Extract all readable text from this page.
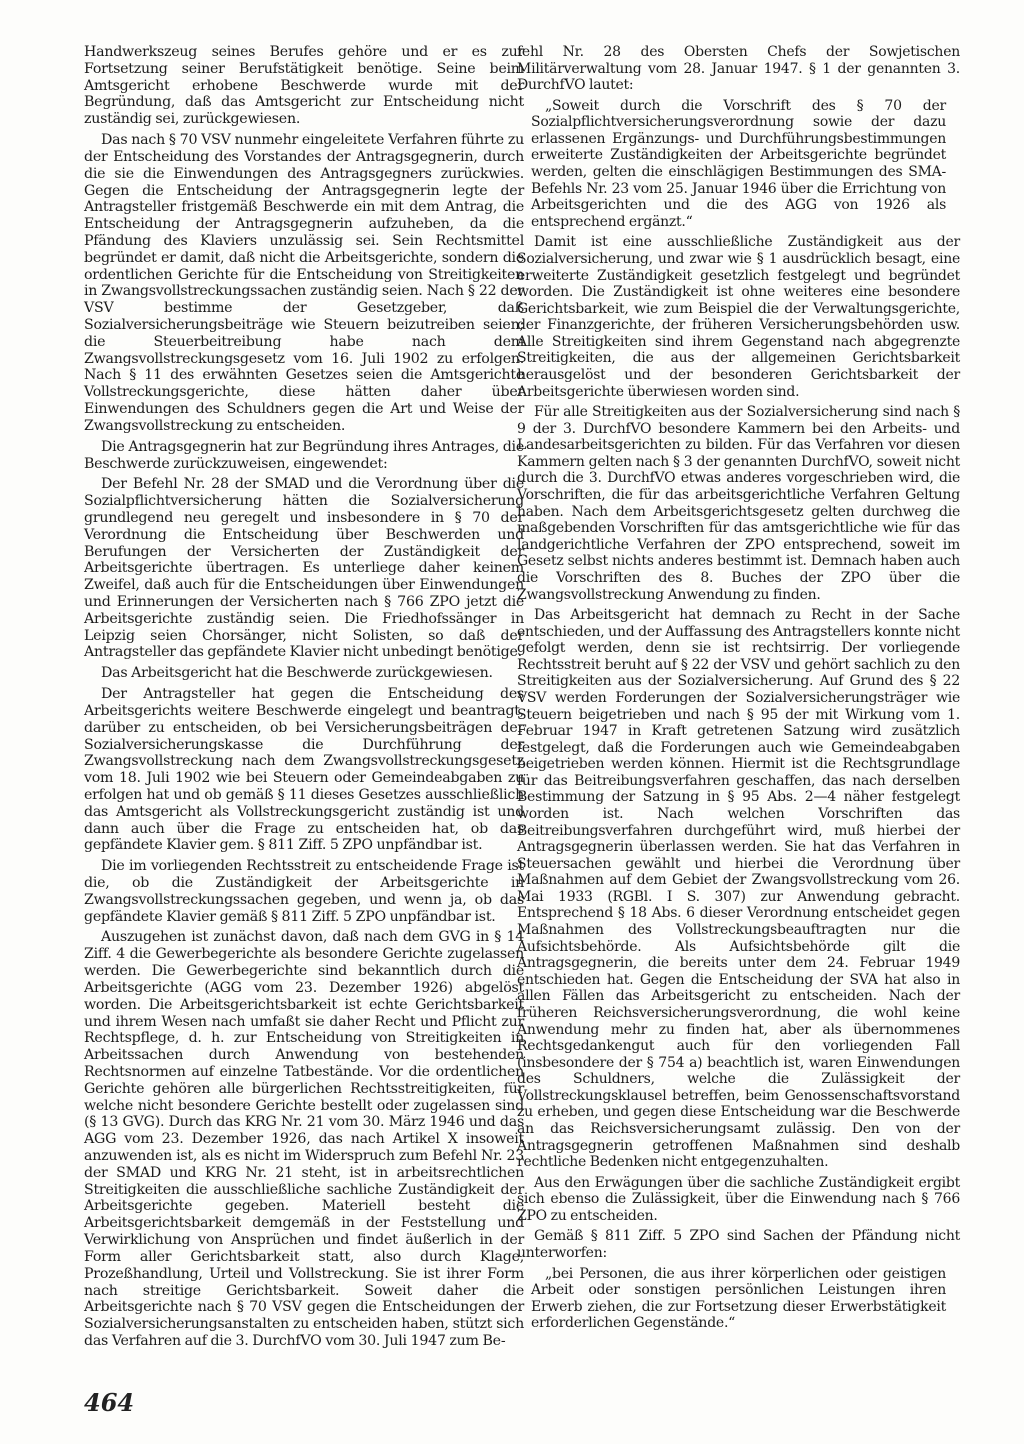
Handwerkszeug seines Berufes gehöre und er es zur Fortsetzung seiner Berufstätigkeit benötige. Seine beim Amtsgericht erhobene Beschwerde wurde mit der Begründung, daß das Amtsgericht zur Entscheidung nicht zuständig sei, zurückgewiesen.

Das nach § 70 VSV nunmehr eingeleitete Verfahren führte zu der Entscheidung des Vorstandes der Antragsgegnerin, durch die sie die Einwendungen des Antragsgegners zurückwies. Gegen die Entscheidung der Antragsgegnerin legte der Antragsteller fristgemäß Beschwerde ein mit dem Antrag, die Entscheidung der Antragsgegnerin aufzuheben, da die Pfändung des Klaviers unzulässig sei. Sein Rechtsmittel begründet er damit, daß nicht die Arbeitsgerichte, sondern die ordentlichen Gerichte für die Entscheidung von Streitigkeiten in Zwangsvollstreckungssachen zuständig seien. Nach § 22 der VSV bestimme der Gesetzgeber, daß Sozialversicherungsbeiträge wie Steuern beizutreiben seien; die Steuerbeitreibung habe nach dem Zwangsvollstreckungsgesetz vom 16. Juli 1902 zu erfolgen. Nach § 11 des erwähnten Gesetzes seien die Amtsgerichte Vollstreckungsgerichte, diese hätten daher über Einwendungen des Schuldners gegen die Art und Weise der Zwangsvollstreckung zu entscheiden.

Die Antragsgegnerin hat zur Begründung ihres Antrages, die Beschwerde zurückzuweisen, eingewendet:

Der Befehl Nr. 28 der SMAD und die Verordnung über die Sozialpflichtversicherung hätten die Sozialversicherung grundlegend neu geregelt und insbesondere in § 70 der Verordnung die Entscheidung über Beschwerden und Berufungen der Versicherten der Zuständigkeit der Arbeitsgerichte übertragen. Es unterliege daher keinem Zweifel, daß auch für die Entscheidungen über Einwendungen und Erinnerungen der Versicherten nach § 766 ZPO jetzt die Arbeitsgerichte zuständig seien. Die Friedhofssänger in Leipzig seien Chorsänger, nicht Solisten, so daß der Antragsteller das gepfändete Klavier nicht unbedingt benötige.

Das Arbeitsgericht hat die Beschwerde zurückgewiesen.

Der Antragsteller hat gegen die Entscheidung des Arbeitsgerichts weitere Beschwerde eingelegt und beantragt, darüber zu entscheiden, ob bei Versicherungsbeiträgen der Sozialversicherungskasse die Durchführung der Zwangsvollstreckung nach dem Zwangsvollstreckungsgesetz vom 18. Juli 1902 wie bei Steuern oder Gemeindeabgaben zu erfolgen hat und ob gemäß § 11 dieses Gesetzes ausschließlich das Amtsgericht als Vollstreckungsgericht zuständig ist und dann auch über die Frage zu entscheiden hat, ob das gepfändete Klavier gem. § 811 Ziff. 5 ZPO unpfändbar ist.

Die im vorliegenden Rechtsstreit zu entscheidende Frage ist die, ob die Zuständigkeit der Arbeitsgerichte in Zwangsvollstreckungssachen gegeben, und wenn ja, ob das gepfändete Klavier gemäß § 811 Ziff. 5 ZPO unpfändbar ist.

Auszugehen ist zunächst davon, daß nach dem GVG in § 14 Ziff. 4 die Gewerbegerichte als besondere Gerichte zugelassen werden. Die Gewerbegerichte sind bekanntlich durch die Arbeitsgerichte (AGG vom 23. Dezember 1926) abgelöst worden. Die Arbeitsgerichtsbarkeit ist echte Gerichtsbarkeit und ihrem Wesen nach umfaßt sie daher Recht und Pflicht zur Rechtspflege, d. h. zur Entscheidung von Streitigkeiten in Arbeitssachen durch Anwendung von bestehenden Rechtsnormen auf einzelne Tatbestände. Vor die ordentlichen Gerichte gehören alle bürgerlichen Rechtsstreitigkeiten, für welche nicht besondere Gerichte bestellt oder zugelassen sind (§ 13 GVG). Durch das KRG Nr. 21 vom 30. März 1946 und das AGG vom 23. Dezember 1926, das nach Artikel X insoweit anzuwenden ist, als es nicht im Widerspruch zum Befehl Nr. 23 der SMAD und KRG Nr. 21 steht, ist in arbeitsrechtlichen Streitigkeiten die ausschließliche sachliche Zuständigkeit der Arbeitsgerichte gegeben. Materiell besteht die Arbeitsgerichtsbarkeit demgemäß in der Feststellung und Verwirklichung von Ansprüchen und findet äußerlich in der Form aller Gerichtsbarkeit statt, also durch Klage, Prozeßhandlung, Urteil und Vollstreckung. Sie ist ihrer Form nach streitige Gerichtsbarkeit. Soweit daher die Arbeitsgerichte nach § 70 VSV gegen die Entscheidungen der Sozialversicherungsanstalten zu entscheiden haben, stützt sich das Verfahren auf die 3. DurchfVO vom 30. Juli 1947 zum Be-

fehl Nr. 28 des Obersten Chefs der Sowjetischen Militärverwaltung vom 28. Januar 1947. § 1 der genannten 3. DurchfVO lautet:

„Soweit durch die Vorschrift des § 70 der Sozialpflichtversicherungsverordnung sowie der dazu erlassenen Ergänzungs- und Durchführungsbestimmungen erweiterte Zuständigkeiten der Arbeitsgerichte begründet werden, gelten die einschlägigen Bestimmungen des SMA-Befehls Nr. 23 vom 25. Januar 1946 über die Errichtung von Arbeitsgerichten und die des AGG von 1926 als entsprechend ergänzt.“

Damit ist eine ausschließliche Zuständigkeit aus der Sozialversicherung, und zwar wie § 1 ausdrücklich besagt, eine erweiterte Zuständigkeit gesetzlich festgelegt und begründet worden. Die Zuständigkeit ist ohne weiteres eine besondere Gerichtsbarkeit, wie zum Beispiel die der Verwaltungsgerichte, der Finanzgerichte, der früheren Versicherungsbehörden usw. Alle Streitigkeiten sind ihrem Gegenstand nach abgegrenzte Streitigkeiten, die aus der allgemeinen Gerichtsbarkeit herausgelöst und der besonderen Gerichtsbarkeit der Arbeitsgerichte überwiesen worden sind.

Für alle Streitigkeiten aus der Sozialversicherung sind nach § 9 der 3. DurchfVO besondere Kammern bei den Arbeits- und Landesarbeitsgerichten zu bilden. Für das Verfahren vor diesen Kammern gelten nach § 3 der genannten DurchfVO, soweit nicht durch die 3. DurchfVO etwas anderes vorgeschrieben wird, die Vorschriften, die für das arbeitsgerichtliche Verfahren Geltung haben. Nach dem Arbeitsgerichtsgesetz gelten durchweg die maßgebenden Vorschriften für das amtsgerichtliche wie für das landgerichtliche Verfahren der ZPO entsprechend, soweit im Gesetz selbst nichts anderes bestimmt ist. Demnach haben auch die Vorschriften des 8. Buches der ZPO über die Zwangsvollstreckung Anwendung zu finden.

Das Arbeitsgericht hat demnach zu Recht in der Sache entschieden, und der Auffassung des Antragstellers konnte nicht gefolgt werden, denn sie ist rechtsirrig. Der vorliegende Rechtsstreit beruht auf § 22 der VSV und gehört sachlich zu den Streitigkeiten aus der Sozialversicherung. Auf Grund des § 22 VSV werden Forderungen der Sozialversicherungsträger wie Steuern beigetrieben und nach § 95 der mit Wirkung vom 1. Februar 1947 in Kraft getretenen Satzung wird zusätzlich festgelegt, daß die Forderungen auch wie Gemeindeabgaben beigetrieben werden können. Hiermit ist die Rechtsgrundlage für das Beitreibungsverfahren geschaffen, das nach derselben Bestimmung der Satzung in § 95 Abs. 2—4 näher festgelegt worden ist. Nach welchen Vorschriften das Beitreibungsverfahren durchgeführt wird, muß hierbei der Antragsgegnerin überlassen werden. Sie hat das Verfahren in Steuersachen gewählt und hierbei die Verordnung über Maßnahmen auf dem Gebiet der Zwangsvollstreckung vom 26. Mai 1933 (RGBl. I S. 307) zur Anwendung gebracht. Entsprechend § 18 Abs. 6 dieser Verordnung entscheidet gegen Maßnahmen des Vollstreckungsbeauftragten nur die Aufsichtsbehörde. Als Aufsichtsbehörde gilt die Antragsgegnerin, die bereits unter dem 24. Februar 1949 entschieden hat. Gegen die Entscheidung der SVA hat also in allen Fällen das Arbeitsgericht zu entscheiden. Nach der früheren Reichsversicherungsverordnung, die wohl keine Anwendung mehr zu finden hat, aber als übernommenes Rechtsgedankengut auch für den vorliegenden Fall (insbesondere der § 754 a) beachtlich ist, waren Einwendungen des Schuldners, welche die Zulässigkeit der Vollstreckungsklausel betreffen, beim Genossenschaftsvorstand zu erheben, und gegen diese Entscheidung war die Beschwerde an das Reichsversicherungsamt zulässig. Den von der Antragsgegnerin getroffenen Maßnahmen sind deshalb rechtliche Bedenken nicht entgegenzuhalten.

Aus den Erwägungen über die sachliche Zuständigkeit ergibt sich ebenso die Zulässigkeit, über die Einwendung nach § 766 ZPO zu entscheiden.

Gemäß § 811 Ziff. 5 ZPO sind Sachen der Pfändung nicht unterworfen:

„bei Personen, die aus ihrer körperlichen oder geistigen Arbeit oder sonstigen persönlichen Leistungen ihren Erwerb ziehen, die zur Fortsetzung dieser Erwerbstätigkeit erforderlichen Gegenstände.“

464
